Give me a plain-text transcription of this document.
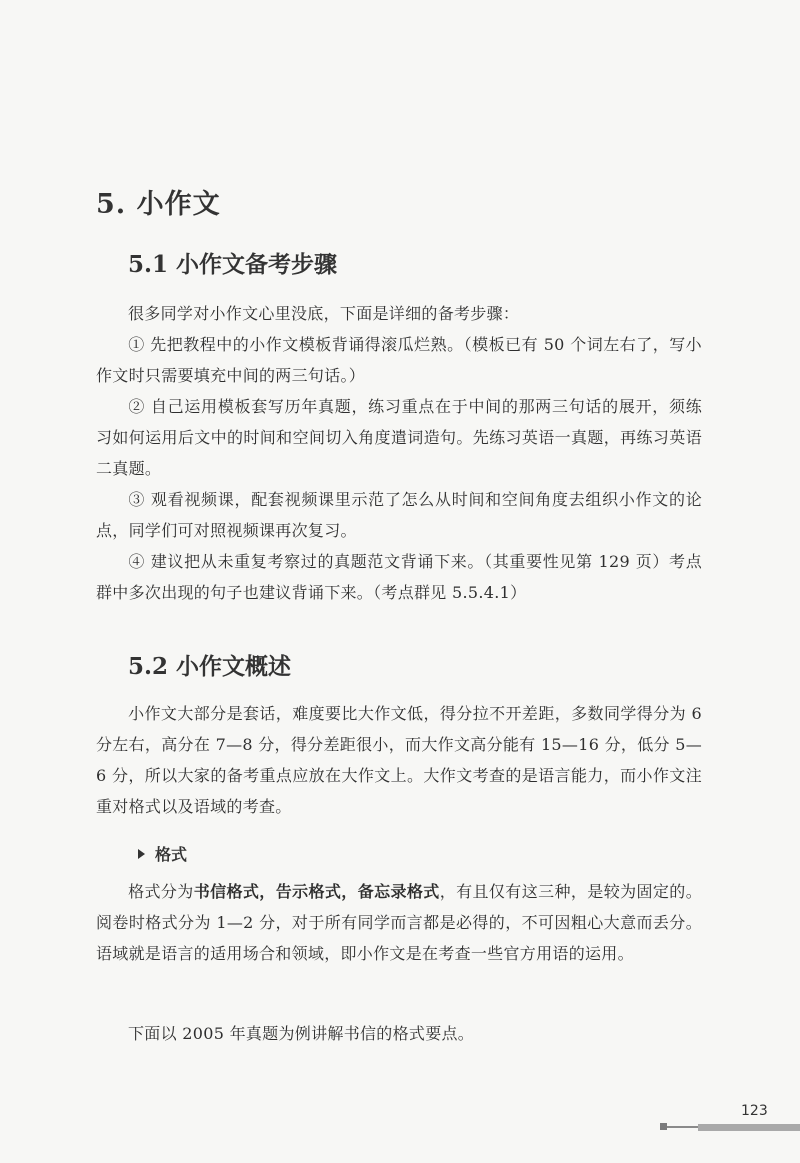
5. 小作文
5.1 小作文备考步骤
很多同学对小作文心里没底，下面是详细的备考步骤：
① 先把教程中的小作文模板背诵得滚瓜烂熟。（模板已有 50 个词左右了，写小作文时只需要填充中间的两三句话。）
② 自己运用模板套写历年真题，练习重点在于中间的那两三句话的展开，须练习如何运用后文中的时间和空间切入角度遣词造句。先练习英语一真题，再练习英语二真题。
③ 观看视频课，配套视频课里示范了怎么从时间和空间角度去组织小作文的论点，同学们可对照视频课再次复习。
④ 建议把从未重复考察过的真题范文背诵下来。（其重要性见第 129 页）考点群中多次出现的句子也建议背诵下来。（考点群见 5.5.4.1）
5.2 小作文概述
小作文大部分是套话，难度要比大作文低，得分拉不开差距，多数同学得分为 6 分左右，高分在 7—8 分，得分差距很小，而大作文高分能有 15—16 分，低分 5—6 分，所以大家的备考重点应放在大作文上。大作文考查的是语言能力，而小作文注重对格式以及语域的考查。
格式
格式分为书信格式，告示格式，备忘录格式，有且仅有这三种，是较为固定的。阅卷时格式分为 1—2 分，对于所有同学而言都是必得的，不可因粗心大意而丢分。语域就是语言的适用场合和领域，即小作文是在考查一些官方用语的运用。
下面以 2005 年真题为例讲解书信的格式要点。
123
